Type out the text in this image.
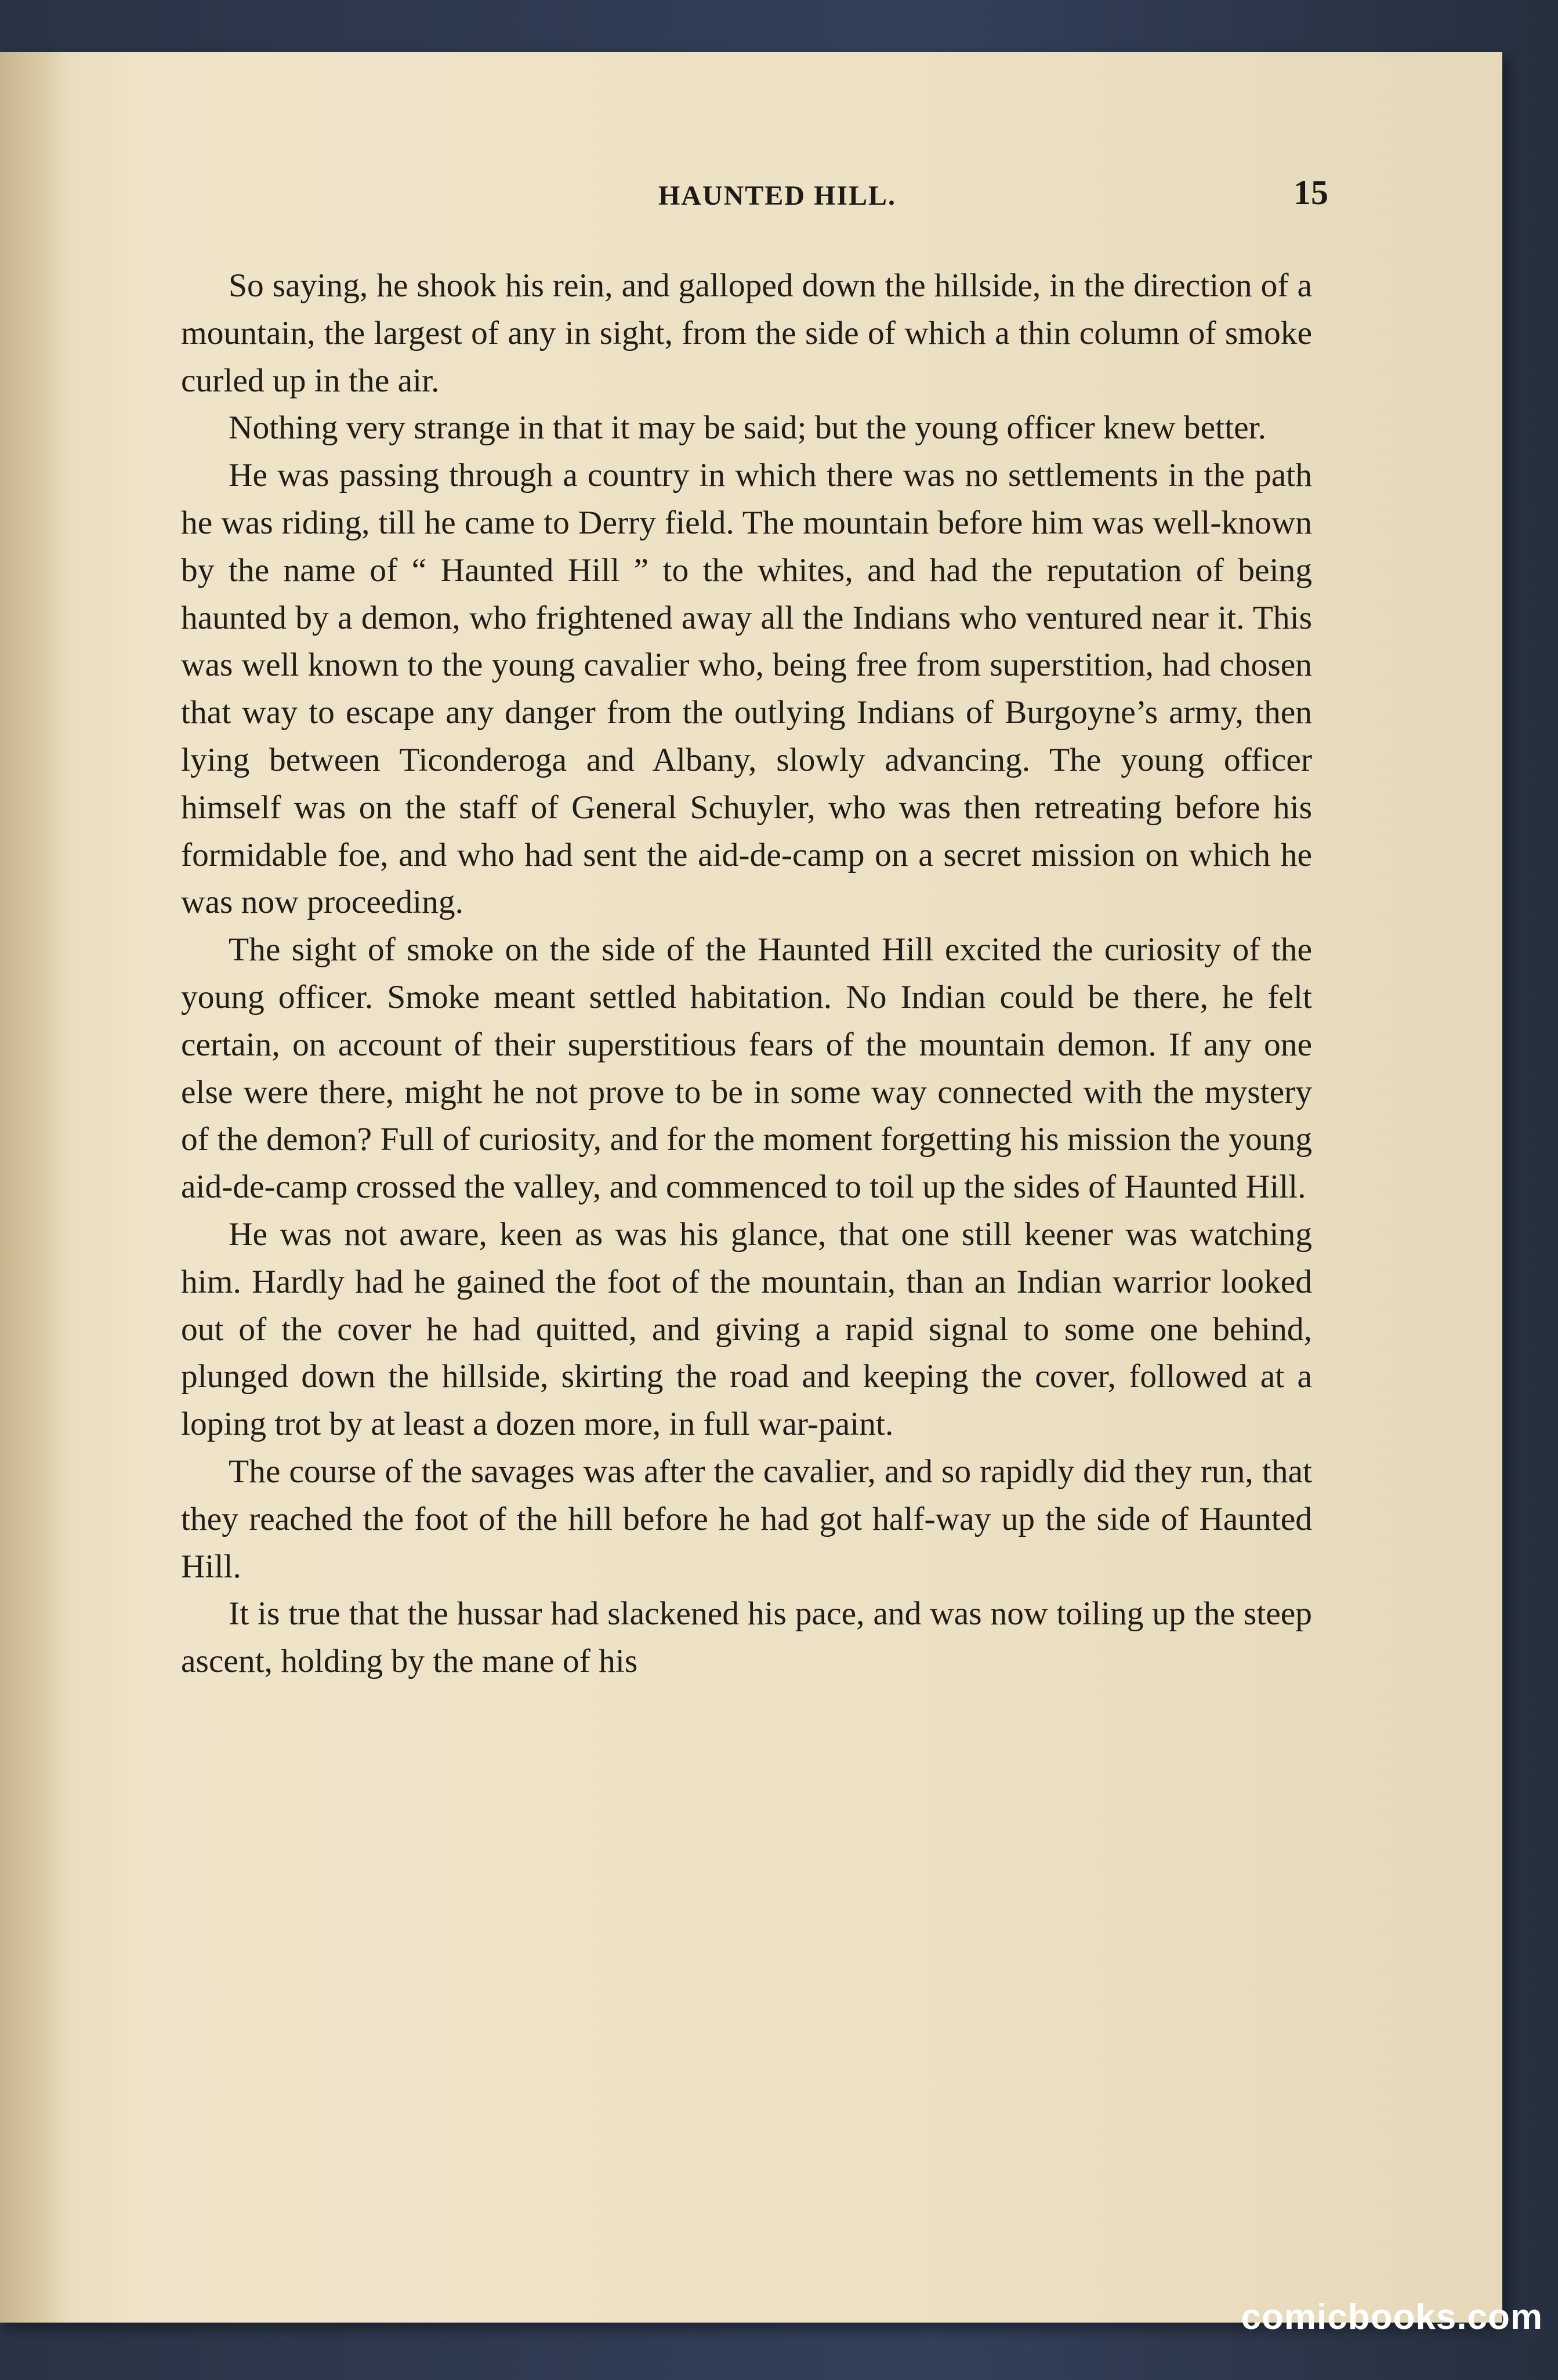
HAUNTED HILL.	15

So saying, he shook his rein, and galloped down the hillside, in the direction of a mountain, the largest of any in sight, from the side of which a thin column of smoke curled up in the air.

Nothing very strange in that it may be said; but the young officer knew better.

He was passing through a country in which there was no settlements in the path he was riding, till he came to Derry field. The mountain before him was well-known by the name of “ Haunted Hill ” to the whites, and had the reputation of being haunted by a demon, who frightened away all the Indians who ventured near it. This was well known to the young cavalier who, being free from superstition, had chosen that way to escape any danger from the outlying Indians of Burgoyne’s army, then lying between Ticonderoga and Albany, slowly advancing. The young officer himself was on the staff of General Schuyler, who was then retreating before his formidable foe, and who had sent the aid-de-camp on a secret mission on which he was now proceeding.

The sight of smoke on the side of the Haunted Hill excited the curiosity of the young officer. Smoke meant settled habitation. No Indian could be there, he felt certain, on account of their superstitious fears of the mountain demon. If any one else were there, might he not prove to be in some way connected with the mystery of the demon? Full of curiosity, and for the moment forgetting his mission the young aid-de-camp crossed the valley, and commenced to toil up the sides of Haunted Hill.

He was not aware, keen as was his glance, that one still keener was watching him. Hardly had he gained the foot of the mountain, than an Indian warrior looked out of the cover he had quitted, and giving a rapid signal to some one behind, plunged down the hillside, skirting the road and keeping the cover, followed at a loping trot by at least a dozen more, in full war-paint.

The course of the savages was after the cavalier, and so rapidly did they run, that they reached the foot of the hill before he had got half-way up the side of Haunted Hill.

It is true that the hussar had slackened his pace, and was now toiling up the steep ascent, holding by the mane of his

comicbooks.com
